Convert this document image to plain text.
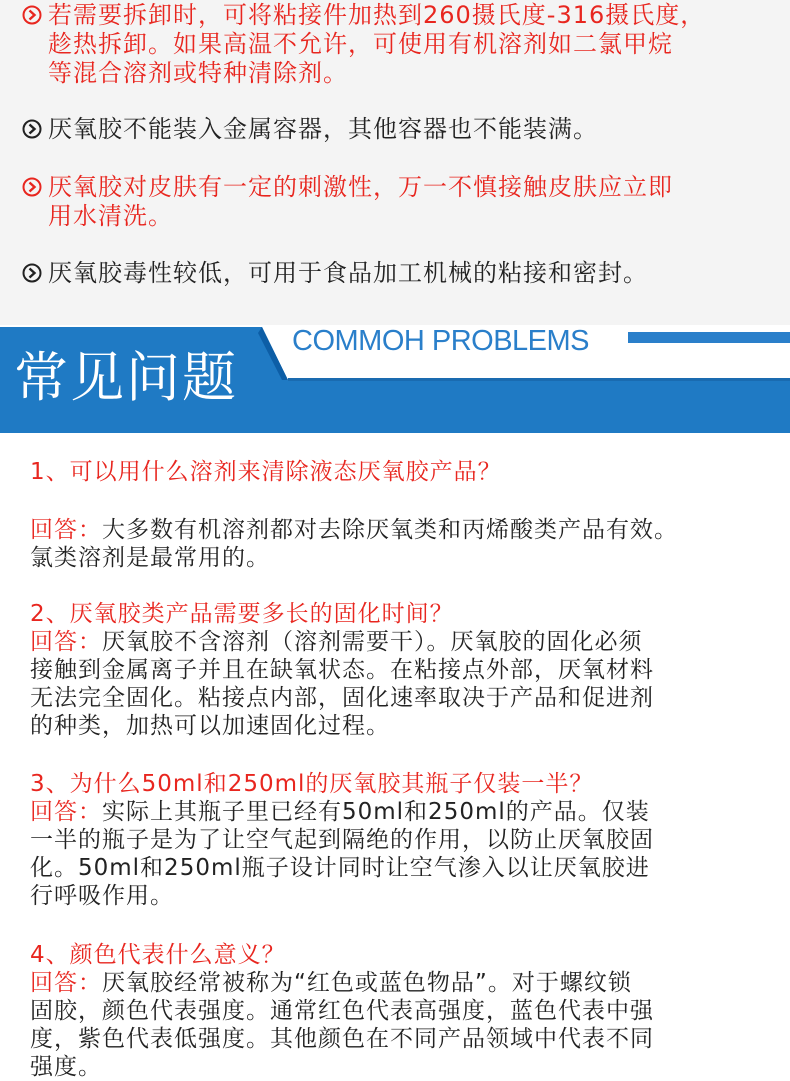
若需要拆卸时，可将粘接件加热到260摄氏度-316摄氏度，
趁热拆卸。如果高温不允许，可使用有机溶剂如二氯甲烷
等混合溶剂或特种清除剂。
厌氧胶不能装入金属容器，其他容器也不能装满。
厌氧胶对皮肤有一定的刺激性，万一不慎接触皮肤应立即
用水清洗。
厌氧胶毒性较低，可用于食品加工机械的粘接和密封。
常见问题
COMMOH PROBLEMS
1、可以用什么溶剂来清除液态厌氧胶产品？
回答：大多数有机溶剂都对去除厌氧类和丙烯酸类产品有效。
氯类溶剂是最常用的。
2、厌氧胶类产品需要多长的固化时间？
回答：厌氧胶不含溶剂（溶剂需要干）。厌氧胶的固化必须
接触到金属离子并且在缺氧状态。在粘接点外部，厌氧材料
无法完全固化。粘接点内部，固化速率取决于产品和促进剂
的种类，加热可以加速固化过程。
3、为什么50ml和250ml的厌氧胶其瓶子仅装一半？
回答：实际上其瓶子里已经有50ml和250ml的产品。仅装
一半的瓶子是为了让空气起到隔绝的作用，以防止厌氧胶固
化。50ml和250ml瓶子设计同时让空气渗入以让厌氧胶进
行呼吸作用。
4、颜色代表什么意义？
回答：厌氧胶经常被称为“红色或蓝色物品”。对于螺纹锁
固胶，颜色代表强度。通常红色代表高强度，蓝色代表中强
度，紫色代表低强度。其他颜色在不同产品领域中代表不同
强度。
